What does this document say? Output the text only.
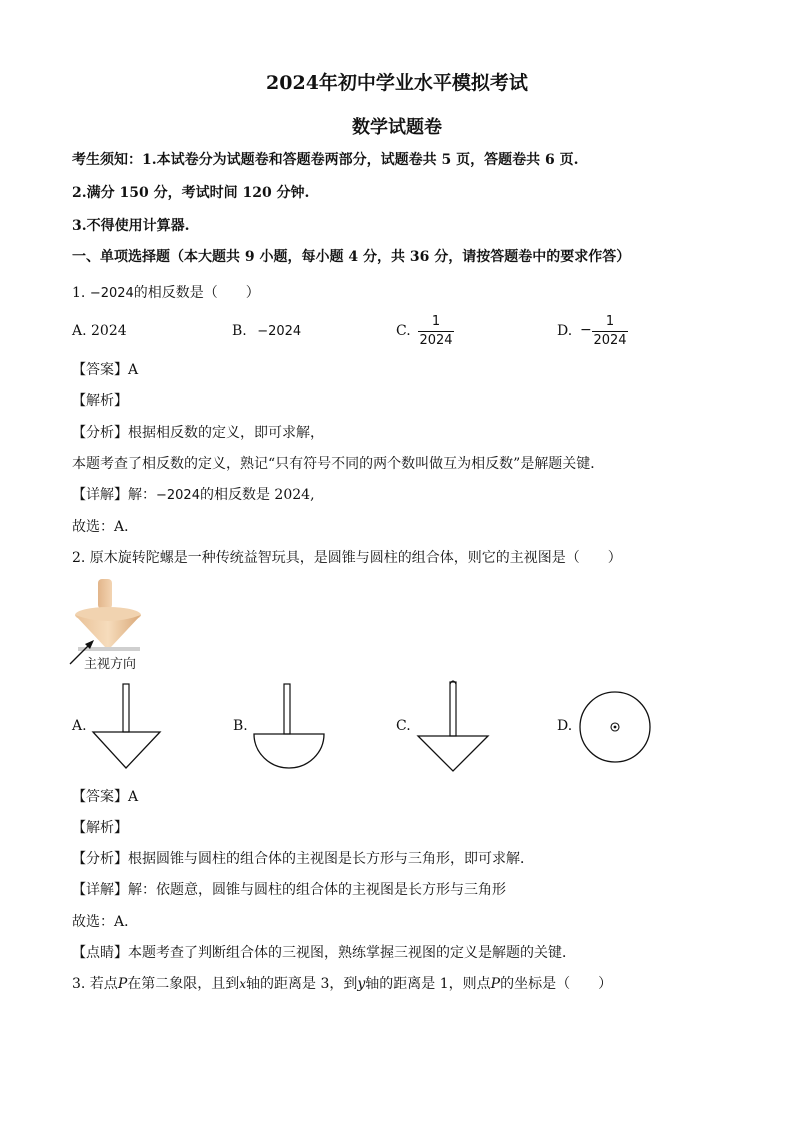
2024年初中学业水平模拟考试
数学试题卷
考生须知：1.本试卷分为试题卷和答题卷两部分，试题卷共 5 页，答题卷共 6 页.
2.满分 150 分，考试时间 120 分钟.
3.不得使用计算器.
一、单项选择题（本大题共 9 小题，每小题 4 分，共 36 分，请按答题卷中的要求作答）
1. −2024的相反数是（　　）
A. 2024	B. −2024	C.
1
2024
D. −
1
2024
【答案】A
【解析】
【分析】根据相反数的定义，即可求解，
本题考查了相反数的定义，熟记“只有符号不同的两个数叫做互为相反数”是解题关键．
【详解】解：−2024的相反数是 2024,
故选：A．
2. 原木旋转陀螺是一种传统益智玩具，是圆锥与圆柱的组合体，则它的主视图是（　　）
主视方向
A.	B.	C.	D.
【答案】A
【解析】
【分析】根据圆锥与圆柱的组合体的主视图是长方形与三角形，即可求解．
【详解】解：依题意，圆锥与圆柱的组合体的主视图是长方形与三角形
故选：A．
【点睛】本题考查了判断组合体的三视图，熟练掌握三视图的定义是解题的关键．
3. 若点P在第二象限，且到x轴的距离是 3，到y轴的距离是 1，则点P的坐标是（　　）
